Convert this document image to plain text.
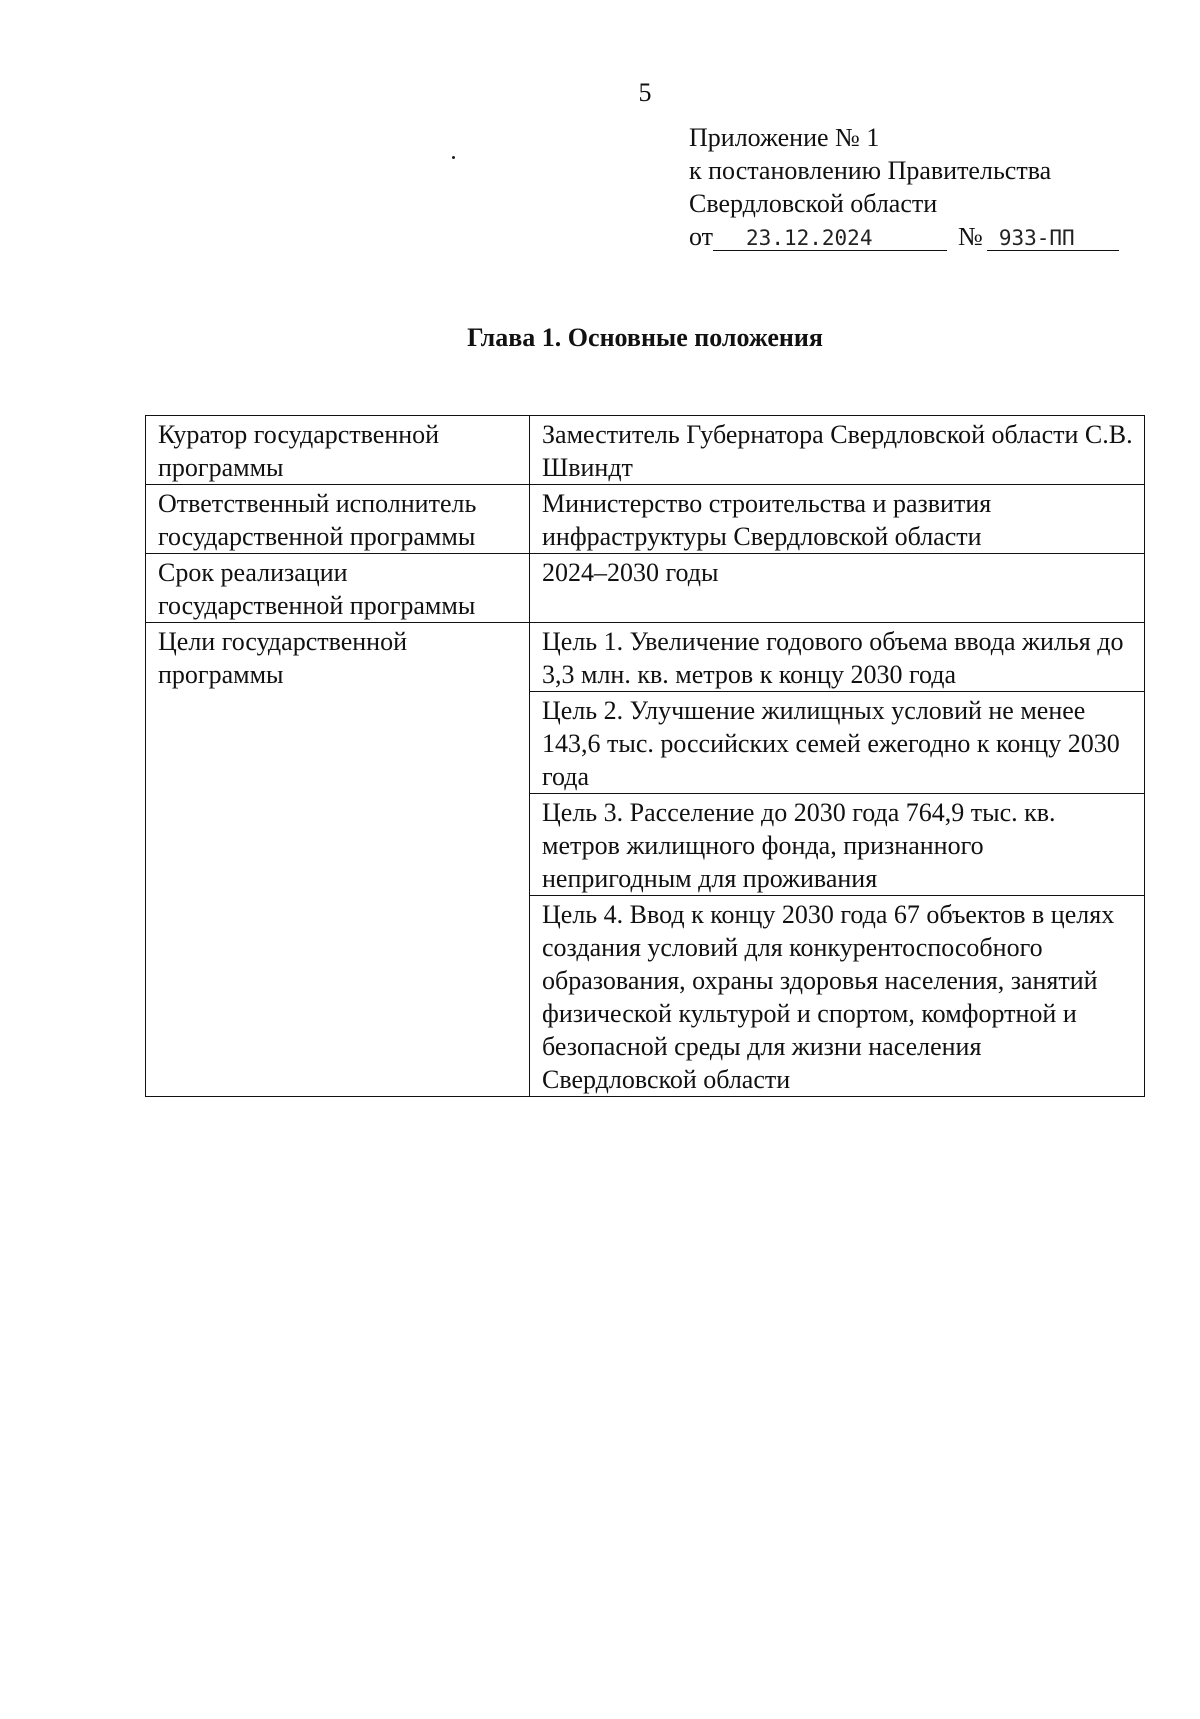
5
Приложение № 1
к постановлению Правительства
Свердловской области
от	23.12.2024	№ 933-ПП
Глава 1. Основные положения
Куратор государственной программы	Заместитель Губернатора Свердловской области С.В. Швиндт
Ответственный исполнитель государственной программы	Министерство строительства и развития инфраструктуры Свердловской области
Срок реализации государственной программы	2024–2030 годы
Цели государственной программы	Цель 1. Увеличение годового объема ввода жилья до 3,3 млн. кв. метров к концу 2030 года
	Цель 2. Улучшение жилищных условий не менее 143,6 тыс. российских семей ежегодно к концу 2030 года
	Цель 3. Расселение до 2030 года 764,9 тыс. кв. метров жилищного фонда, признанного непригодным для проживания
	Цель 4. Ввод к концу 2030 года 67 объектов в целях создания условий для конкурентоспособного образования, охраны здоровья населения, занятий физической культурой и спортом, комфортной и безопасной среды для жизни населения Свердловской области
